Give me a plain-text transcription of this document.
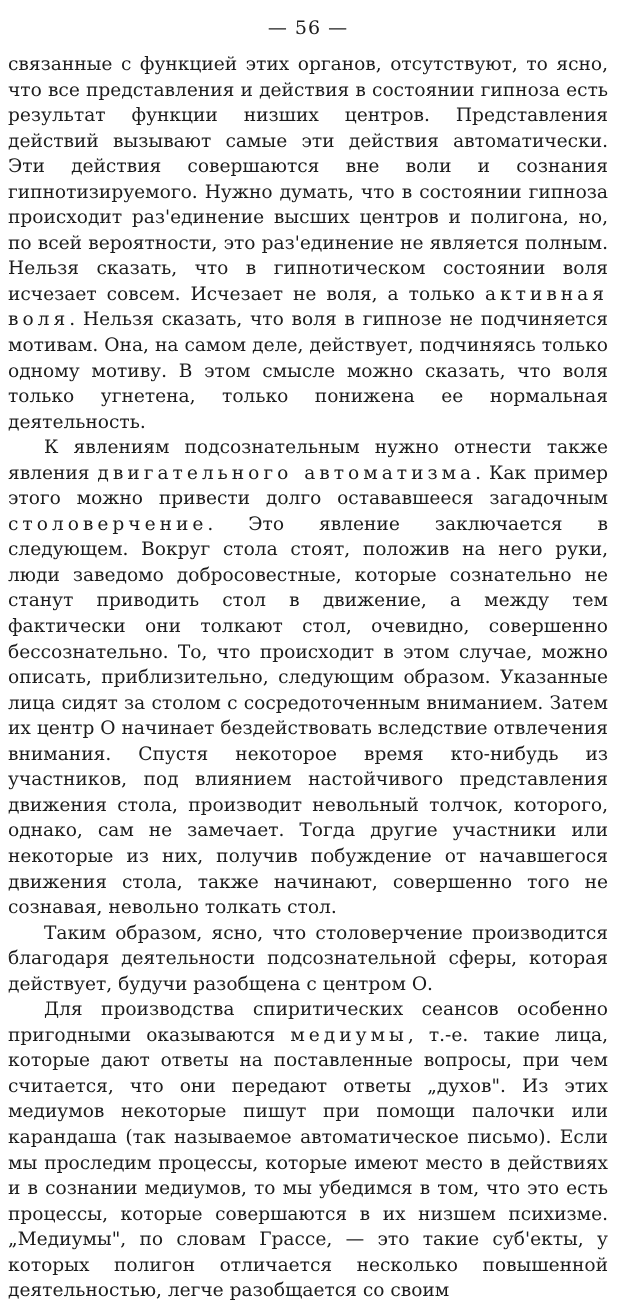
— 56 —

связанные с функцией этих органов, отсутствуют, то ясно, что все представления и действия в состоянии гипноза есть результат функции низших центров. Представления действий вызывают самые эти действия автоматически. Эти действия совершаются вне воли и сознания гипнотизируемого. Нужно думать, что в состоянии гипноза происходит раз'единение высших центров и полигона, но, по всей вероятности, это раз'единение не является полным. Нельзя сказать, что в гипнотическом состоянии воля исчезает совсем. Исчезает не воля, а только активная воля. Нельзя сказать, что воля в гипнозе не подчиняется мотивам. Она, на самом деле, действует, подчиняясь только одному мотиву. В этом смысле можно сказать, что воля только угнетена, только понижена ее нормальная деятельность.

К явлениям подсознательным нужно отнести также явления двигательного автоматизма. Как пример этого можно привести долго остававшееся загадочным столоверчение. Это явление заключается в следующем. Вокруг стола стоят, положив на него руки, люди заведомо добросовестные, которые сознательно не станут приводить стол в движение, а между тем фактически они толкают стол, очевидно, совершенно бессознательно. То, что происходит в этом случае, можно описать, приблизительно, следующим образом. Указанные лица сидят за столом с сосредоточенным вниманием. Затем их центр О начинает бездействовать вследствие отвлечения внимания. Спустя некоторое время кто-нибудь из участников, под влиянием настойчивого представления движения стола, производит невольный толчок, которого, однако, сам не замечает. Тогда другие участники или некоторые из них, получив побуждение от начавшегося движения стола, также начинают, совершенно того не сознавая, невольно толкать стол.

Таким образом, ясно, что столоверчение производится благодаря деятельности подсознательной сферы, которая действует, будучи разобщена с центром О.

Для производства спиритических сеансов особенно пригодными оказываются медиумы, т.-е. такие лица, которые дают ответы на поставленные вопросы, при чем считается, что они передают ответы „духов". Из этих медиумов некоторые пишут при помощи палочки или карандаша (так называемое автоматическое письмо). Если мы проследим процессы, которые имеют место в действиях и в сознании медиумов, то мы убедимся в том, что это есть процессы, которые совершаются в их низшем психизме. „Медиумы", по словам Грассе, — это такие суб'екты, у которых полигон отличается несколько повышенной деятельностью, легче разобщается со своим
